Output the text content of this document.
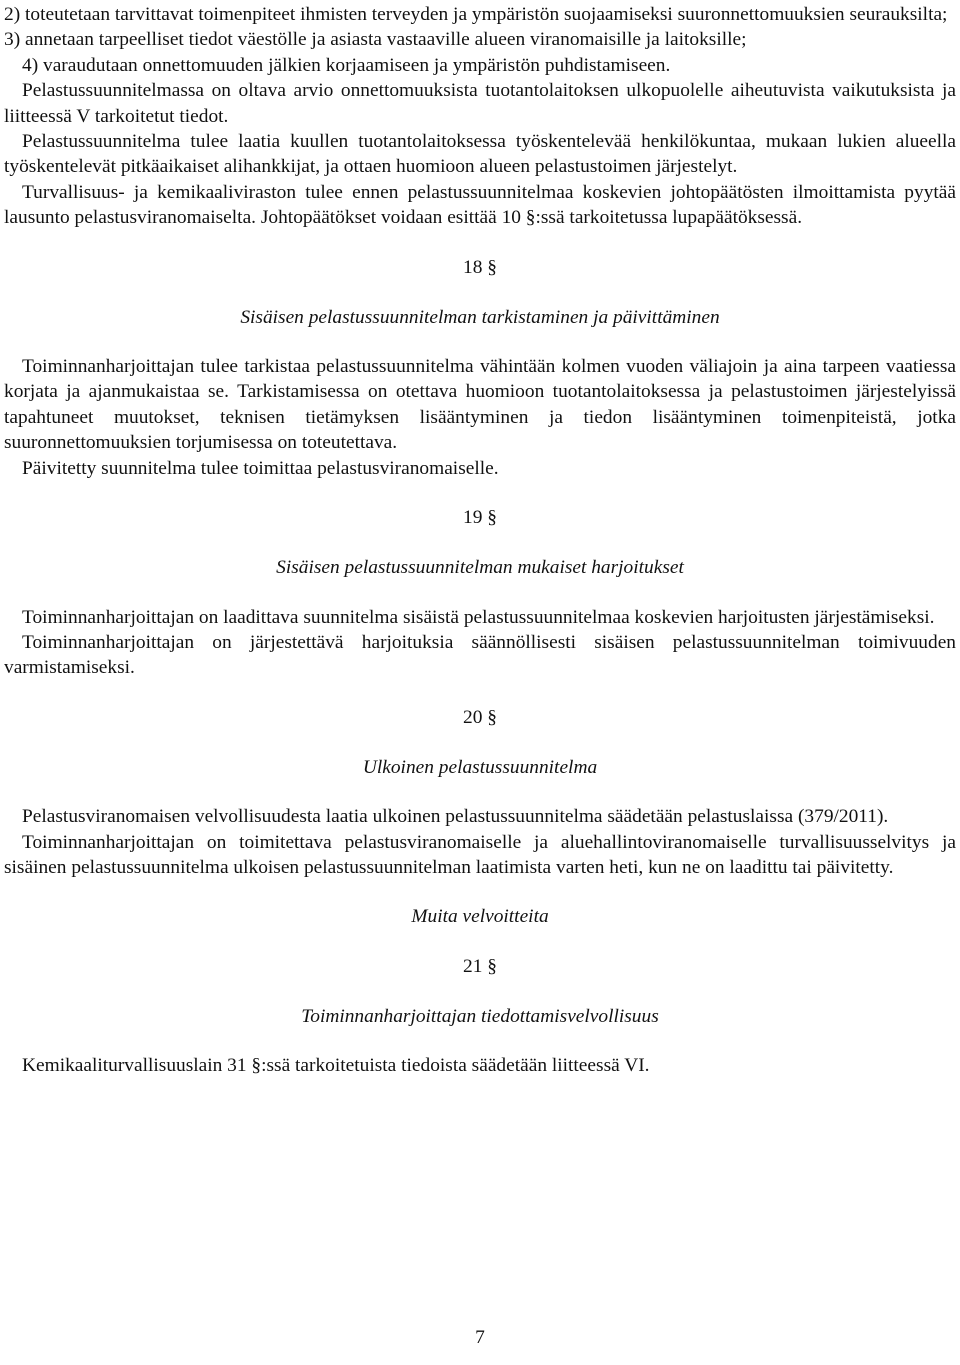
2) toteutetaan tarvittavat toimenpiteet ihmisten terveyden ja ympäristön suojaamiseksi suuronnettomuuksien seurauksilta;

3) annetaan tarpeelliset tiedot väestölle ja asiasta vastaaville alueen viranomaisille ja laitoksille;

4) varaudutaan onnettomuuden jälkien korjaamiseen ja ympäristön puhdistamiseen.

Pelastussuunnitelmassa on oltava arvio onnettomuuksista tuotantolaitoksen ulkopuolelle aiheutuvista vaikutuksista ja liitteessä V tarkoitetut tiedot.

Pelastussuunnitelma tulee laatia kuullen tuotantolaitoksessa työskentelevää henkilökuntaa, mukaan lukien alueella työskentelevät pitkäaikaiset alihankkijat, ja ottaen huomioon alueen pelastustoimen järjestelyt.

Turvallisuus- ja kemikaaliviraston tulee ennen pelastussuunnitelmaa koskevien johtopäätösten ilmoittamista pyytää lausunto pelastusviranomaiselta. Johtopäätökset voidaan esittää 10 §:ssä tarkoitetussa lupapäätöksessä.

18 §
Sisäisen pelastussuunnitelman tarkistaminen ja päivittäminen

Toiminnanharjoittajan tulee tarkistaa pelastussuunnitelma vähintään kolmen vuoden väliajoin ja aina tarpeen vaatiessa korjata ja ajanmukaistaa se. Tarkistamisessa on otettava huomioon tuotantolaitoksessa ja pelastustoimen järjestelyissä tapahtuneet muutokset, teknisen tietämyksen lisääntyminen ja tiedon lisääntyminen toimenpiteistä, jotka suuronnettomuuksien torjumisessa on toteutettava.

Päivitetty suunnitelma tulee toimittaa pelastusviranomaiselle.

19 §
Sisäisen pelastussuunnitelman mukaiset harjoitukset

Toiminnanharjoittajan on laadittava suunnitelma sisäistä pelastussuunnitelmaa koskevien harjoitusten järjestämiseksi.

Toiminnanharjoittajan on järjestettävä harjoituksia säännöllisesti sisäisen pelastussuunnitelman toimivuuden varmistamiseksi.

20 §
Ulkoinen pelastussuunnitelma

Pelastusviranomaisen velvollisuudesta laatia ulkoinen pelastussuunnitelma säädetään pelastuslaissa (379/2011).

Toiminnanharjoittajan on toimitettava pelastusviranomaiselle ja aluehallintoviranomaiselle turvallisuusselvitys ja sisäinen pelastussuunnitelma ulkoisen pelastussuunnitelman laatimista varten heti, kun ne on laadittu tai päivitetty.

Muita velvoitteita
21 §
Toiminnanharjoittajan tiedottamisvelvollisuus

Kemikaaliturvallisuuslain 31 §:ssä tarkoitetuista tiedoista säädetään liitteessä VI.

7
